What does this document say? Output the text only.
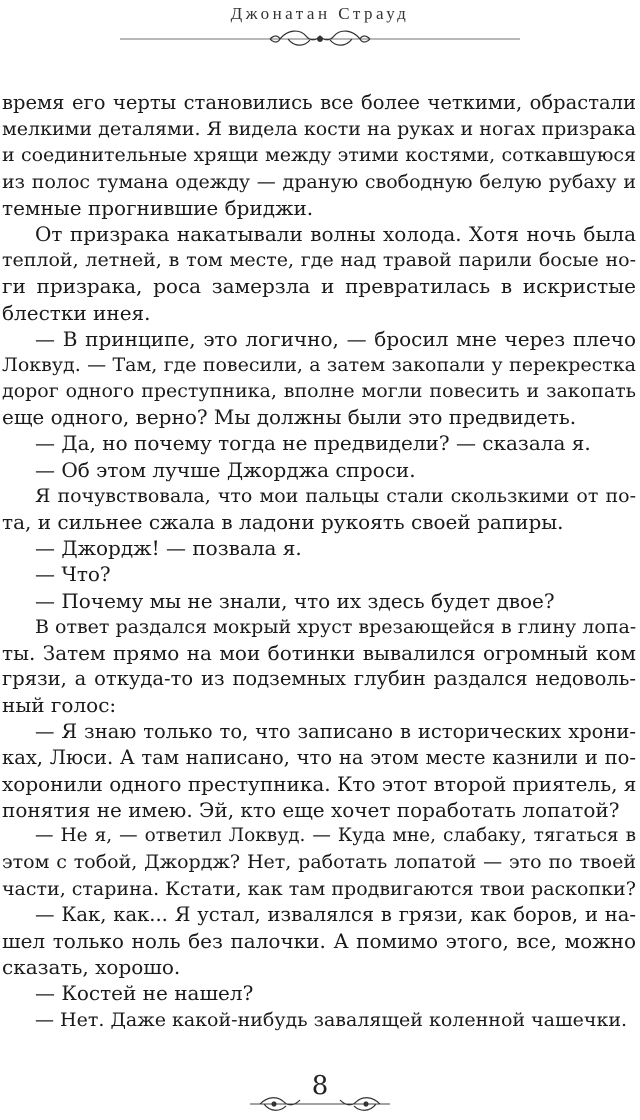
Джонатан Страуд
время его черты становились все более четкими, обрастали
мелкими деталями. Я видела кости на руках и ногах призрака
и соединительные хрящи между этими костями, соткавшуюся
из полос тумана одежду — драную свободную белую рубаху и
темные прогнившие бриджи.
От призрака накатывали волны холода. Хотя ночь была
теплой, летней, в том месте, где над травой парили босые но-
ги призрака, роса замерзла и превратилась в искристые
блестки инея.
— В принципе, это логично, — бросил мне через плечо
Локвуд. — Там, где повесили, а затем закопали у перекрестка
дорог одного преступника, вполне могли повесить и закопать
еще одного, верно? Мы должны были это предвидеть.
— Да, но почему тогда не предвидели? — сказала я.
— Об этом лучше Джорджа спроси.
Я почувствовала, что мои пальцы стали скользкими от по-
та, и сильнее сжала в ладони рукоять своей рапиры.
— Джордж! — позвала я.
— Что?
— Почему мы не знали, что их здесь будет двое?
В ответ раздался мокрый хруст врезающейся в глину лопа-
ты. Затем прямо на мои ботинки вывалился огромный ком
грязи, а откуда-то из подземных глубин раздался недоволь-
ный голос:
— Я знаю только то, что записано в исторических хрони-
ках, Люси. А там написано, что на этом месте казнили и по-
хоронили одного преступника. Кто этот второй приятель, я
понятия не имею. Эй, кто еще хочет поработать лопатой?
— Не я, — ответил Локвуд. — Куда мне, слабаку, тягаться в
этом с тобой, Джордж? Нет, работать лопатой — это по твоей
части, старина. Кстати, как там продвигаются твои раскопки?
— Как, как... Я устал, извалялся в грязи, как боров, и на-
шел только ноль без палочки. А помимо этого, все, можно
сказать, хорошо.
— Костей не нашел?
— Нет. Даже какой-нибудь завалящей коленной чашечки.
8
